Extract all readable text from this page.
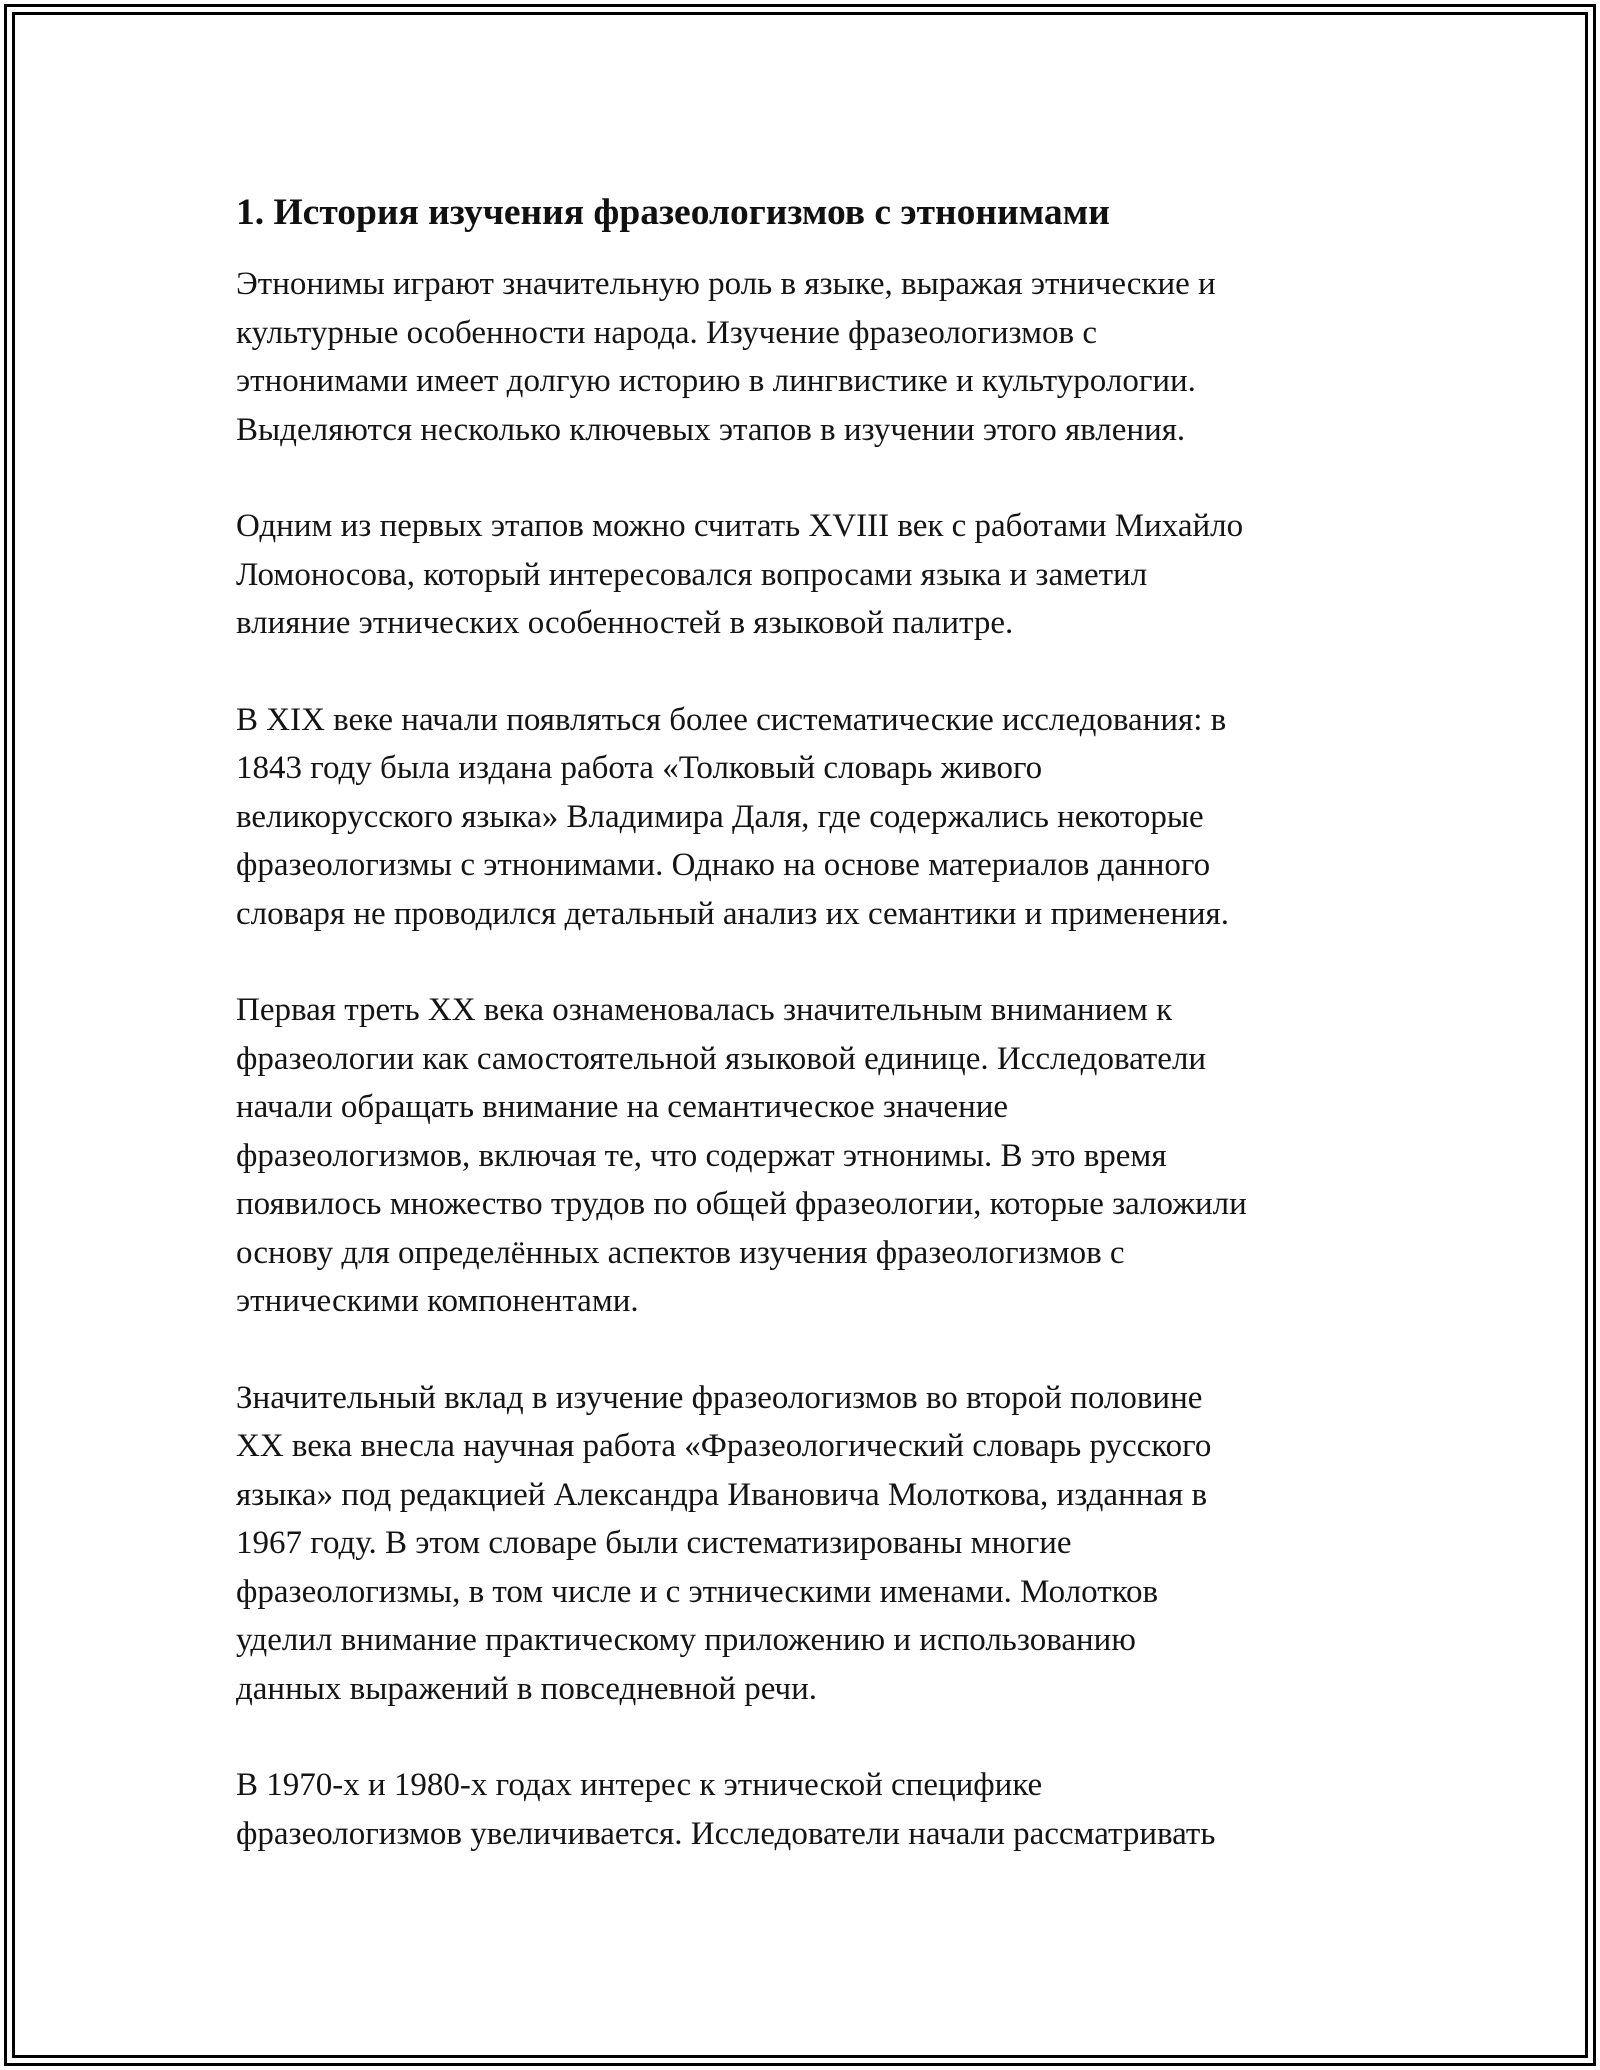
1. История изучения фразеологизмов с этнонимами

Этнонимы играют значительную роль в языке, выражая этнические и
культурные особенности народа. Изучение фразеологизмов с
этнонимами имеет долгую историю в лингвистике и культурологии.
Выделяются несколько ключевых этапов в изучении этого явления.

Одним из первых этапов можно считать XVIII век с работами Михайло
Ломоносова, который интересовался вопросами языка и заметил
влияние этнических особенностей в языковой палитре.

В XIX веке начали появляться более систематические исследования: в
1843 году была издана работа «Толковый словарь живого
великорусского языка» Владимира Даля, где содержались некоторые
фразеологизмы с этнонимами. Однако на основе материалов данного
словаря не проводился детальный анализ их семантики и применения.

Первая треть XX века ознаменовалась значительным вниманием к
фразеологии как самостоятельной языковой единице. Исследователи
начали обращать внимание на семантическое значение
фразеологизмов, включая те, что содержат этнонимы. В это время
появилось множество трудов по общей фразеологии, которые заложили
основу для определённых аспектов изучения фразеологизмов с
этническими компонентами.

Значительный вклад в изучение фразеологизмов во второй половине
XX века внесла научная работа «Фразеологический словарь русского
языка» под редакцией Александра Ивановича Молоткова, изданная в
1967 году. В этом словаре были систематизированы многие
фразеологизмы, в том числе и с этническими именами. Молотков
уделил внимание практическому приложению и использованию
данных выражений в повседневной речи.

В 1970-х и 1980-х годах интерес к этнической специфике
фразеологизмов увеличивается. Исследователи начали рассматривать
